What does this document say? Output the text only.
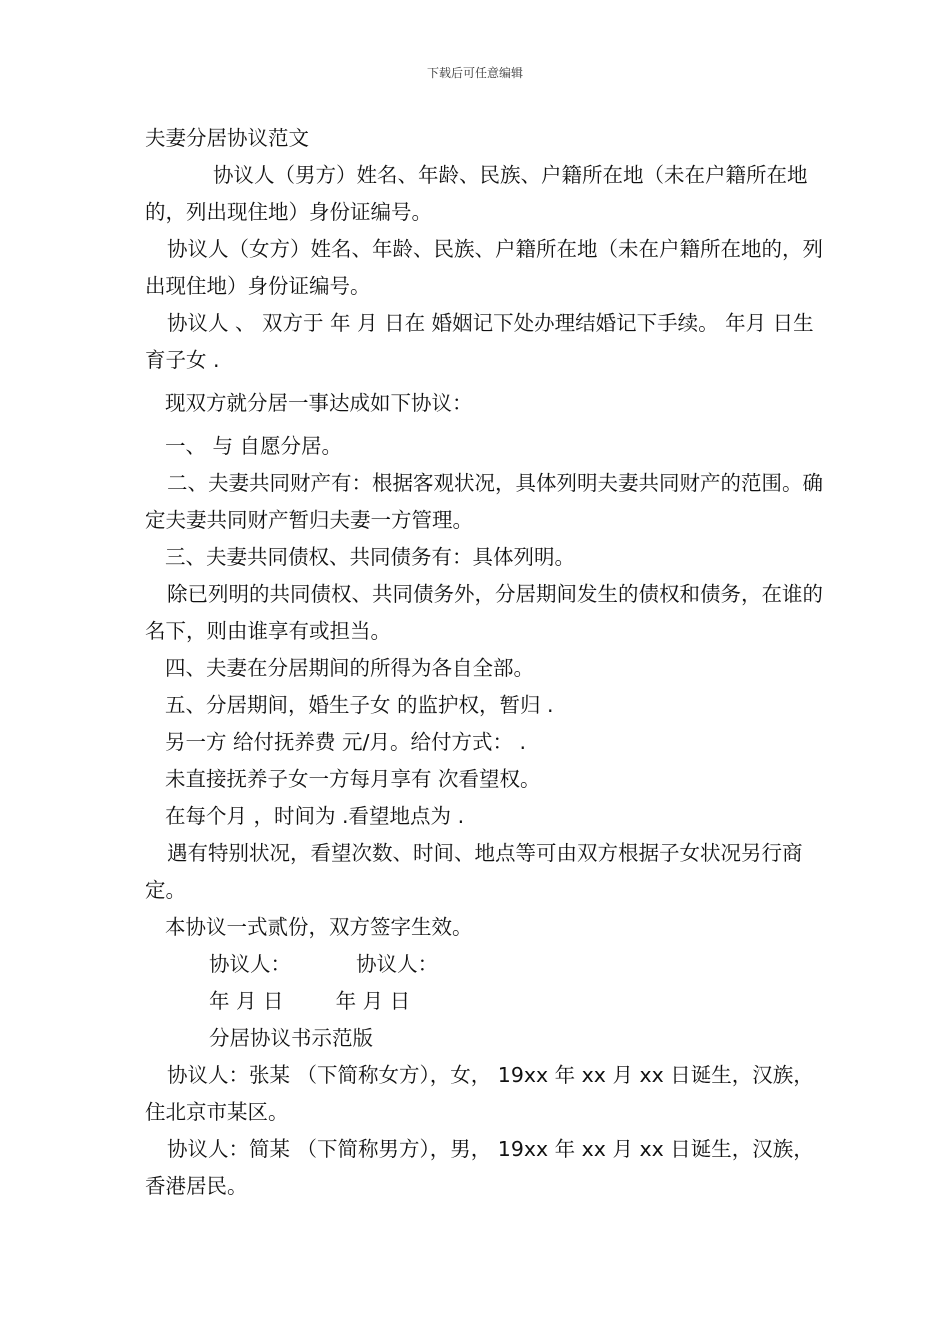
下载后可任意编辑

夫妻分居协议范文

协议人（男方）姓名、年龄、民族、户籍所在地（未在户籍所在地的，列出现住地）身份证编号。

协议人（女方）姓名、年龄、民族、户籍所在地（未在户籍所在地的，列出现住地）身份证编号。

协议人 、 双方于 年 月 日在 婚姻记下处办理结婚记下手续。 年月 日生育子女 .

现双方就分居一事达成如下协议：

一、 与 自愿分居。

二、夫妻共同财产有：根据客观状况，具体列明夫妻共同财产的范围。确定夫妻共同财产暂归夫妻一方管理。

三、夫妻共同债权、共同债务有：具体列明。

除已列明的共同债权、共同债务外，分居期间发生的债权和债务，在谁的名下，则由谁享有或担当。

四、夫妻在分居期间的所得为各自全部。

五、分居期间，婚生子女 的监护权，暂归 .

另一方 给付抚养费 元/月。给付方式： .

未直接抚养子女一方每月享有 次看望权。

在每个月 ，时间为 .看望地点为 .

遇有特别状况，看望次数、时间、地点等可由双方根据子女状况另行商定。

本协议一式贰份，双方签字生效。

协议人：          协议人：

年 月 日        年 月 日

分居协议书示范版

协议人：张某 （下简称女方），女， 19xx 年 xx 月 xx 日诞生，汉族，住北京市某区。

协议人：简某 （下简称男方），男， 19xx 年 xx 月 xx 日诞生，汉族，香港居民。
